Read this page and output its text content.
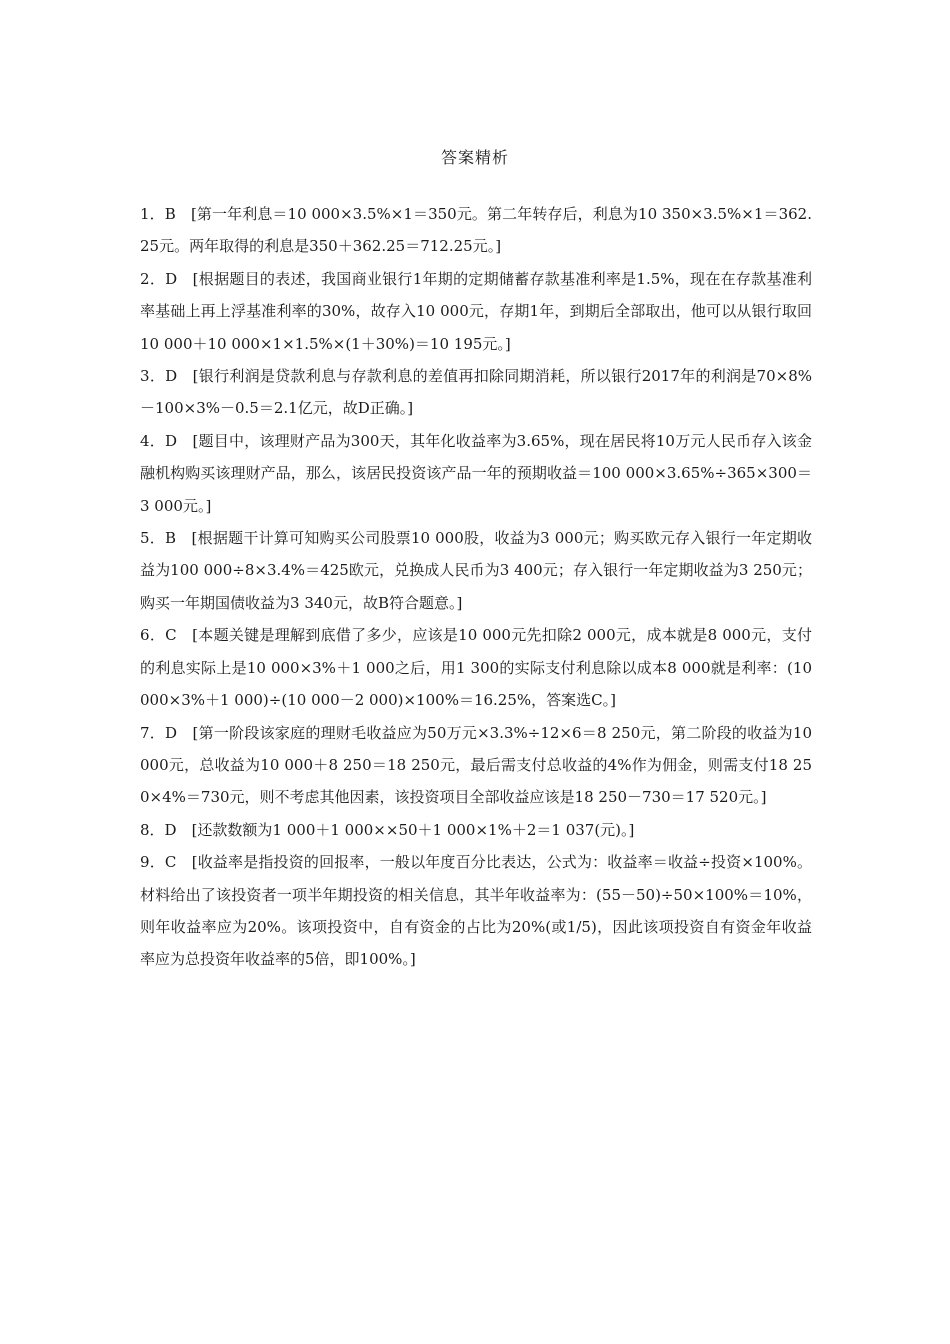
答案精析

1．B　[第一年利息＝10 000×3.5%×1＝350元。第二年转存后，利息为10 350×3.5%×1＝362.25元。两年取得的利息是350＋362.25＝712.25元。]

2．D　[根据题目的表述，我国商业银行1年期的定期储蓄存款基准利率是1.5%，现在在存款基准利率基础上再上浮基准利率的30%，故存入10 000元，存期1年，到期后全部取出，他可以从银行取回10 000＋10 000×1×1.5%×(1＋30%)＝10 195元。]

3．D　[银行利润是贷款利息与存款利息的差值再扣除同期消耗，所以银行2017年的利润是70×8%－100×3%－0.5＝2.1亿元，故D正确。]

4．D　[题目中，该理财产品为300天，其年化收益率为3.65%，现在居民将10万元人民币存入该金融机构购买该理财产品，那么，该居民投资该产品一年的预期收益＝100 000×3.65%÷365×300＝3 000元。]

5．B　[根据题干计算可知购买公司股票10 000股，收益为3 000元；购买欧元存入银行一年定期收益为100 000÷8×3.4%＝425欧元，兑换成人民币为3 400元；存入银行一年定期收益为3 250元；购买一年期国债收益为3 340元，故B符合题意。]

6．C　[本题关键是理解到底借了多少，应该是10 000元先扣除2 000元，成本就是8 000元，支付的利息实际上是10 000×3%＋1 000之后，用1 300的实际支付利息除以成本8 000就是利率：(10 000×3%＋1 000)÷(10 000－2 000)×100%＝16.25%，答案选C。]

7．D　[第一阶段该家庭的理财毛收益应为50万元×3.3%÷12×6＝8 250元，第二阶段的收益为10 000元，总收益为10 000＋8 250＝18 250元，最后需支付总收益的4%作为佣金，则需支付18 250×4%＝730元，则不考虑其他因素，该投资项目全部收益应该是18 250－730＝17 520元。]

8．D　[还款数额为1 000＋1 000××50＋1 000×1%＋2＝1 037(元)。]

9．C　[收益率是指投资的回报率，一般以年度百分比表达，公式为：收益率＝收益÷投资×100%。材料给出了该投资者一项半年期投资的相关信息，其半年收益率为：(55－50)÷50×100%＝10%，则年收益率应为20%。该项投资中，自有资金的占比为20%(或1/5)，因此该项投资自有资金年收益率应为总投资年收益率的5倍，即100%。]
